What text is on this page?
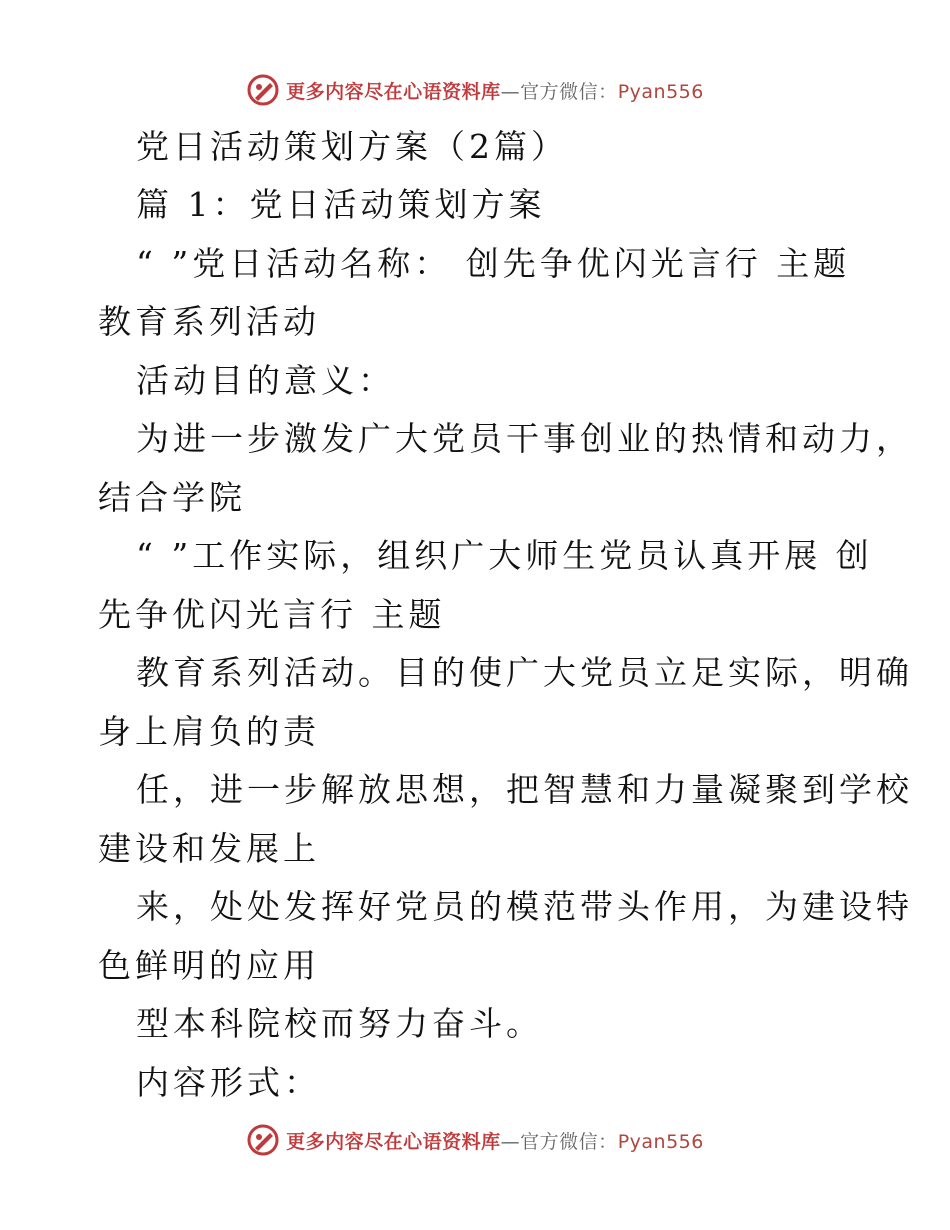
更多内容尽在心语资料库—官方微信：Pyan556
党日活动策划方案（2篇）
篇 1：党日活动策划方案
“ ”党日活动名称： 创先争优闪光言行 主题
教育系列活动
活动目的意义：
为进一步激发广大党员干事创业的热情和动力，
结合学院
“ ”工作实际，组织广大师生党员认真开展 创
先争优闪光言行 主题
教育系列活动。目的使广大党员立足实际，明确
身上肩负的责
任，进一步解放思想，把智慧和力量凝聚到学校
建设和发展上
来，处处发挥好党员的模范带头作用，为建设特
色鲜明的应用
型本科院校而努力奋斗。
内容形式：
更多内容尽在心语资料库—官方微信：Pyan556
